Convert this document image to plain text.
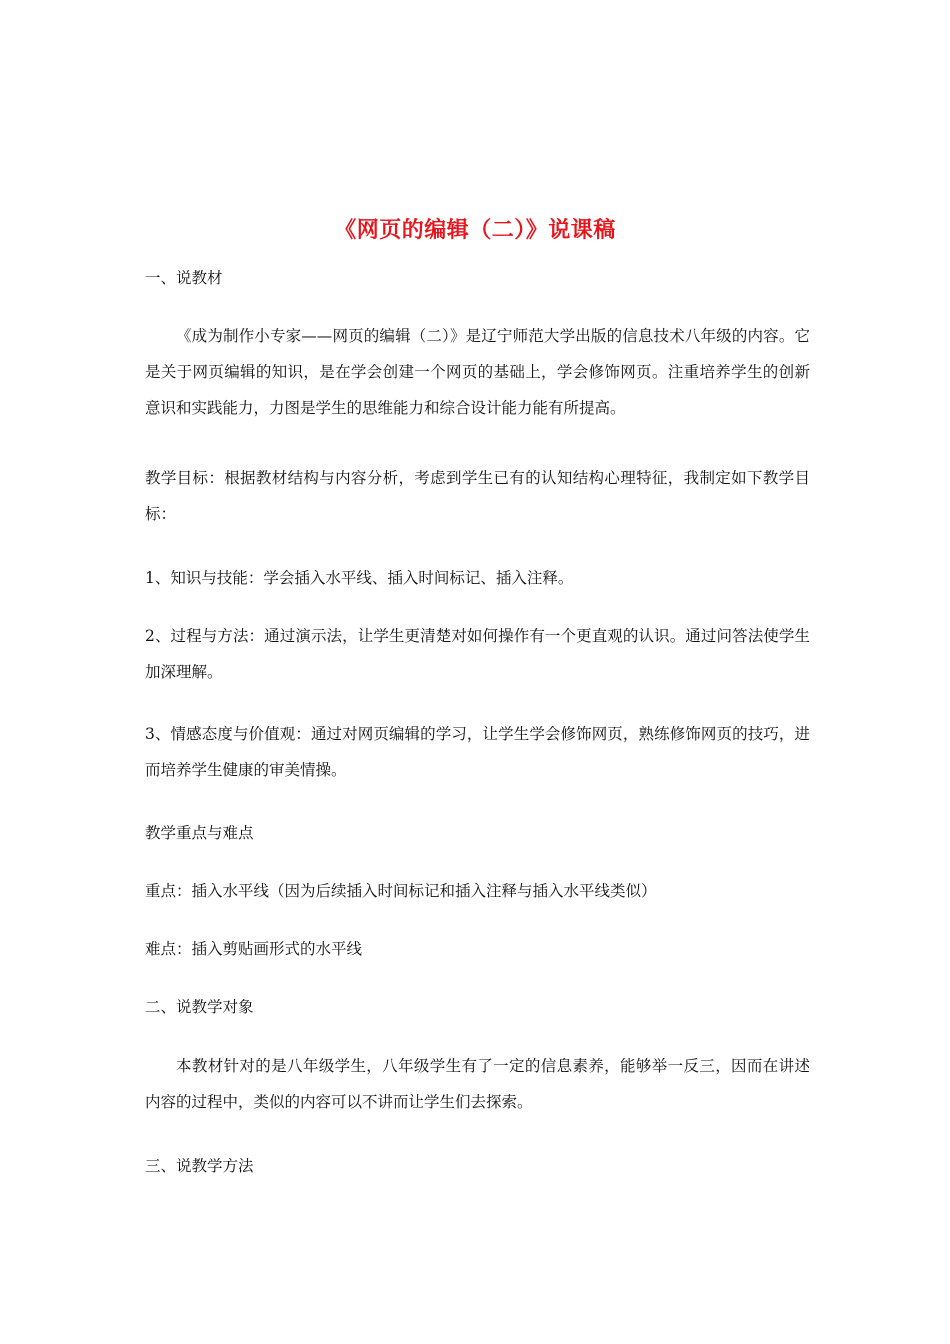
《网页的编辑（二）》说课稿

一、说教材

《成为制作小专家——网页的编辑（二）》是辽宁师范大学出版的信息技术八年级的内容。它是关于网页编辑的知识，是在学会创建一个网页的基础上，学会修饰网页。注重培养学生的创新意识和实践能力，力图是学生的思维能力和综合设计能力能有所提高。

教学目标：根据教材结构与内容分析，考虑到学生已有的认知结构心理特征，我制定如下教学目标：

1、知识与技能：学会插入水平线、插入时间标记、插入注释。

2、过程与方法：通过演示法，让学生更清楚对如何操作有一个更直观的认识。通过问答法使学生加深理解。

3、情感态度与价值观：通过对网页编辑的学习，让学生学会修饰网页，熟练修饰网页的技巧，进而培养学生健康的审美情操。

教学重点与难点

重点：插入水平线（因为后续插入时间标记和插入注释与插入水平线类似）

难点：插入剪贴画形式的水平线

二、说教学对象

本教材针对的是八年级学生，八年级学生有了一定的信息素养，能够举一反三，因而在讲述内容的过程中，类似的内容可以不讲而让学生们去探索。

三、说教学方法
